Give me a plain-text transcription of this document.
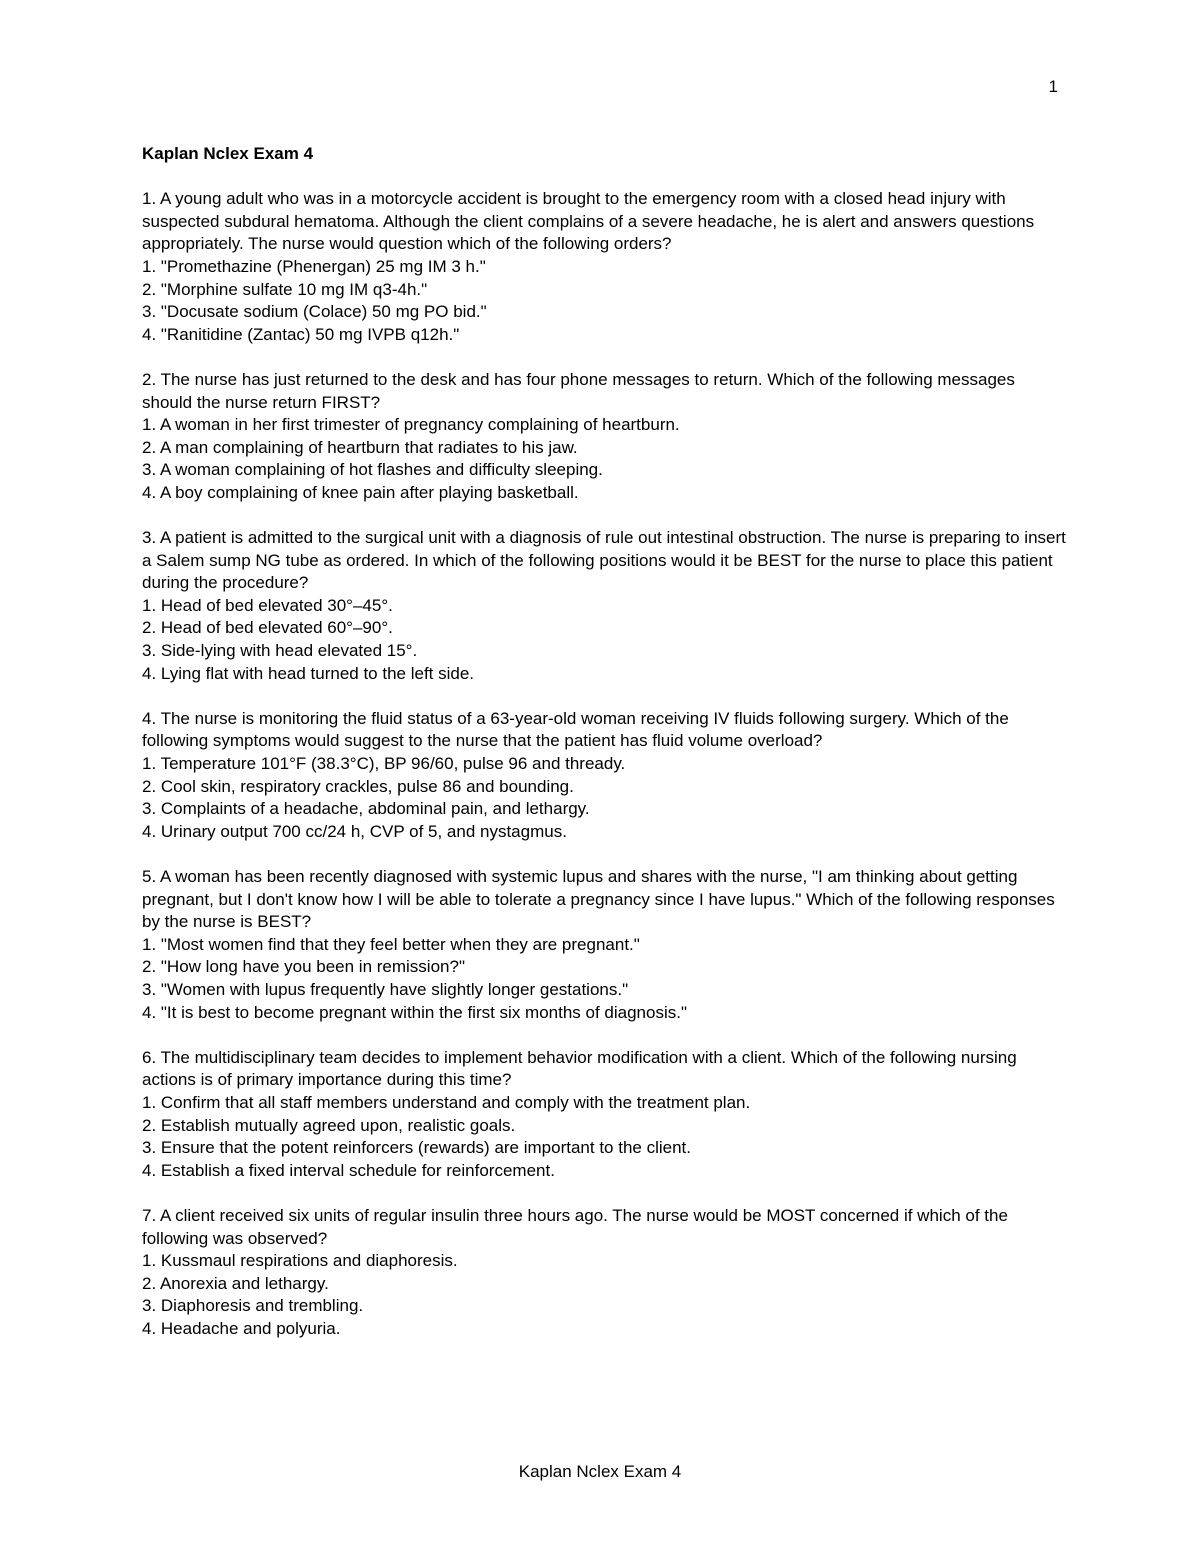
1
Kaplan Nclex Exam 4

1. A young adult who was in a motorcycle accident is brought to the emergency room with a closed head injury with suspected subdural hematoma. Although the client complains of a severe headache, he is alert and answers questions appropriately. The nurse would question which of the following orders?

1. "Promethazine (Phenergan) 25 mg IM 3 h."

2. "Morphine sulfate 10 mg IM q3-4h."

3. "Docusate sodium (Colace) 50 mg PO bid."

4. "Ranitidine (Zantac) 50 mg IVPB q12h."

2. The nurse has just returned to the desk and has four phone messages to return. Which of the following messages should the nurse return FIRST?

1. A woman in her first trimester of pregnancy complaining of heartburn.

2. A man complaining of heartburn that radiates to his jaw.

3. A woman complaining of hot flashes and difficulty sleeping.

4. A boy complaining of knee pain after playing basketball.

3. A patient is admitted to the surgical unit with a diagnosis of rule out intestinal obstruction. The nurse is preparing to insert a Salem sump NG tube as ordered. In which of the following positions would it be BEST for the nurse to place this patient during the procedure?

1. Head of bed elevated 30°–45°.

2. Head of bed elevated 60°–90°.

3. Side-lying with head elevated 15°.

4. Lying flat with head turned to the left side.

4. The nurse is monitoring the fluid status of a 63-year-old woman receiving IV fluids following surgery. Which of the following symptoms would suggest to the nurse that the patient has fluid volume overload?

1. Temperature 101°F (38.3°C), BP 96/60, pulse 96 and thready.

2. Cool skin, respiratory crackles, pulse 86 and bounding.

3. Complaints of a headache, abdominal pain, and lethargy.

4. Urinary output 700 cc/24 h, CVP of 5, and nystagmus.

5. A woman has been recently diagnosed with systemic lupus and shares with the nurse, "I am thinking about getting pregnant, but I don't know how I will be able to tolerate a pregnancy since I have lupus." Which of the following responses by the nurse is BEST?

1. "Most women find that they feel better when they are pregnant."

2. "How long have you been in remission?"

3. "Women with lupus frequently have slightly longer gestations."

4. "It is best to become pregnant within the first six months of diagnosis."

6. The multidisciplinary team decides to implement behavior modification with a client. Which of the following nursing actions is of primary importance during this time?

1. Confirm that all staff members understand and comply with the treatment plan.

2. Establish mutually agreed upon, realistic goals.

3. Ensure that the potent reinforcers (rewards) are important to the client.

4. Establish a fixed interval schedule for reinforcement.

7. A client received six units of regular insulin three hours ago. The nurse would be MOST concerned if which of the following was observed?

1. Kussmaul respirations and diaphoresis.

2. Anorexia and lethargy.

3. Diaphoresis and trembling.

4. Headache and polyuria.

Kaplan Nclex Exam 4
